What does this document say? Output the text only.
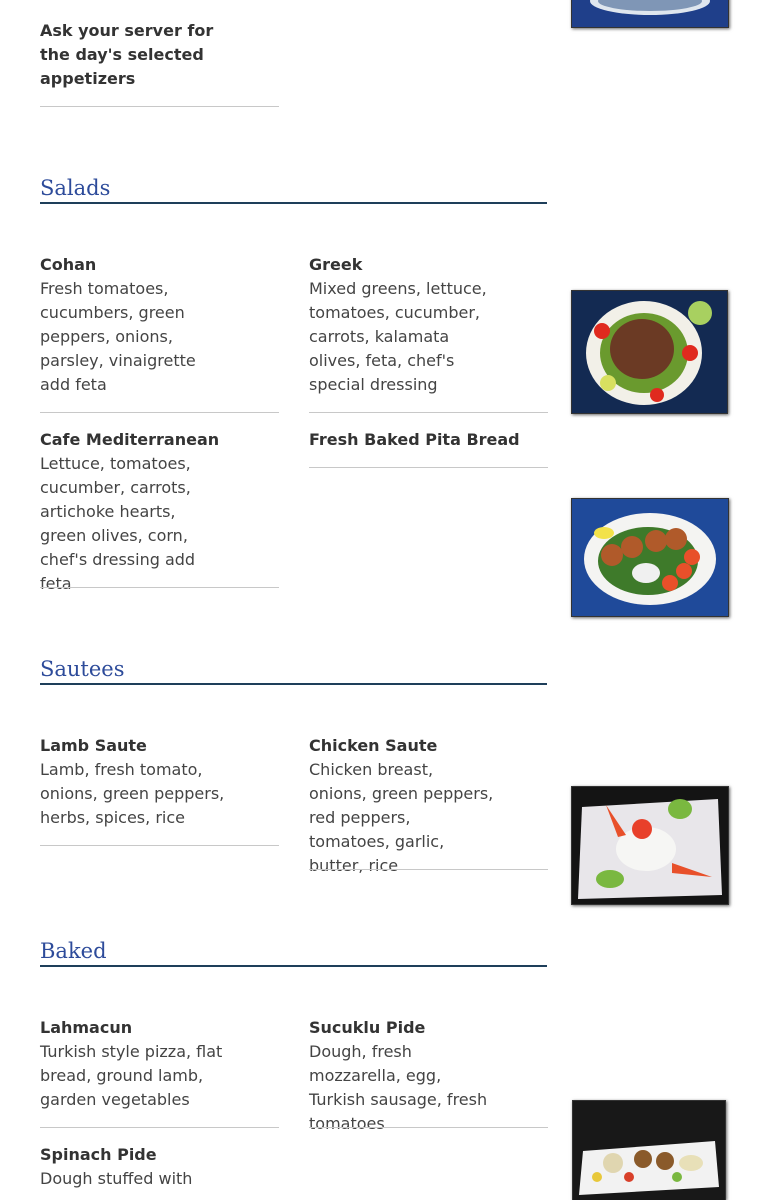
Ask your server for the day's selected appetizers
Salads
Cohan
Fresh tomatoes, cucumbers, green peppers, onions, parsley, vinaigrette add feta
Greek
Mixed greens, lettuce, tomatoes, cucumber, carrots, kalamata olives, feta, chef's special dressing
Cafe Mediterranean
Lettuce, tomatoes, cucumber, carrots, artichoke hearts, green olives, corn, chef's dressing add feta
Fresh Baked Pita Bread
Sautees
Lamb Saute
Lamb, fresh tomato, onions, green peppers, herbs, spices, rice
Chicken Saute
Chicken breast, onions, green peppers, red peppers, tomatoes, garlic, butter, rice
Baked
Lahmacun
Turkish style pizza, flat bread, ground lamb, garden vegetables
Sucuklu Pide
Dough, fresh mozzarella, egg, Turkish sausage, fresh tomatoes
Spinach Pide
Dough stuffed with
